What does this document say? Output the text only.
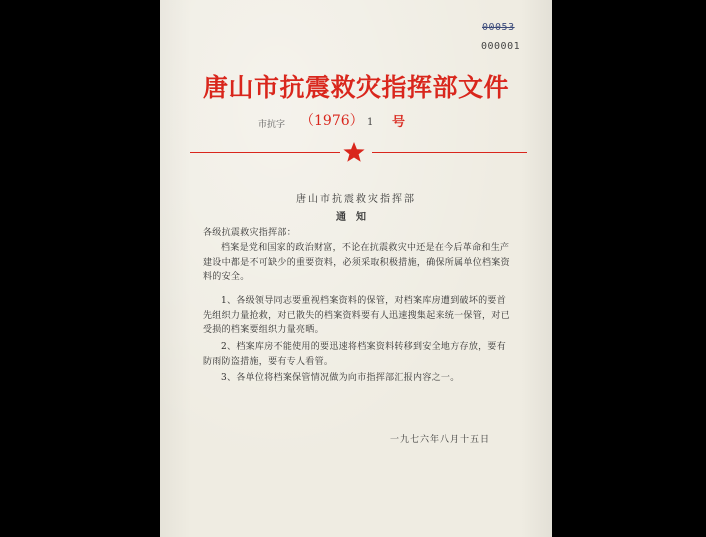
00053
000001
唐山市抗震救灾指挥部文件
市抗字 （1976） 1 号
唐山市抗震救灾指挥部
通知
各级抗震救灾指挥部：

档案是党和国家的政治财富，不论在抗震救灾中还是在今后革命和生产建设中都是不可缺少的重要资料，必须采取积极措施，确保所属单位档案资料的安全。

1、各级领导同志要重视档案资料的保管，对档案库房遭到破坏的要首先组织力量抢救，对已散失的档案资料要有人迅速搜集起来统一保管，对已受损的档案要组织力量亮晒。

2、档案库房不能使用的要迅速将档案资料转移到安全地方存放，要有防雨防盗措施，要有专人看管。

3、各单位将档案保管情况做为向市指挥部汇报内容之一。

一九七六年八月十五日
